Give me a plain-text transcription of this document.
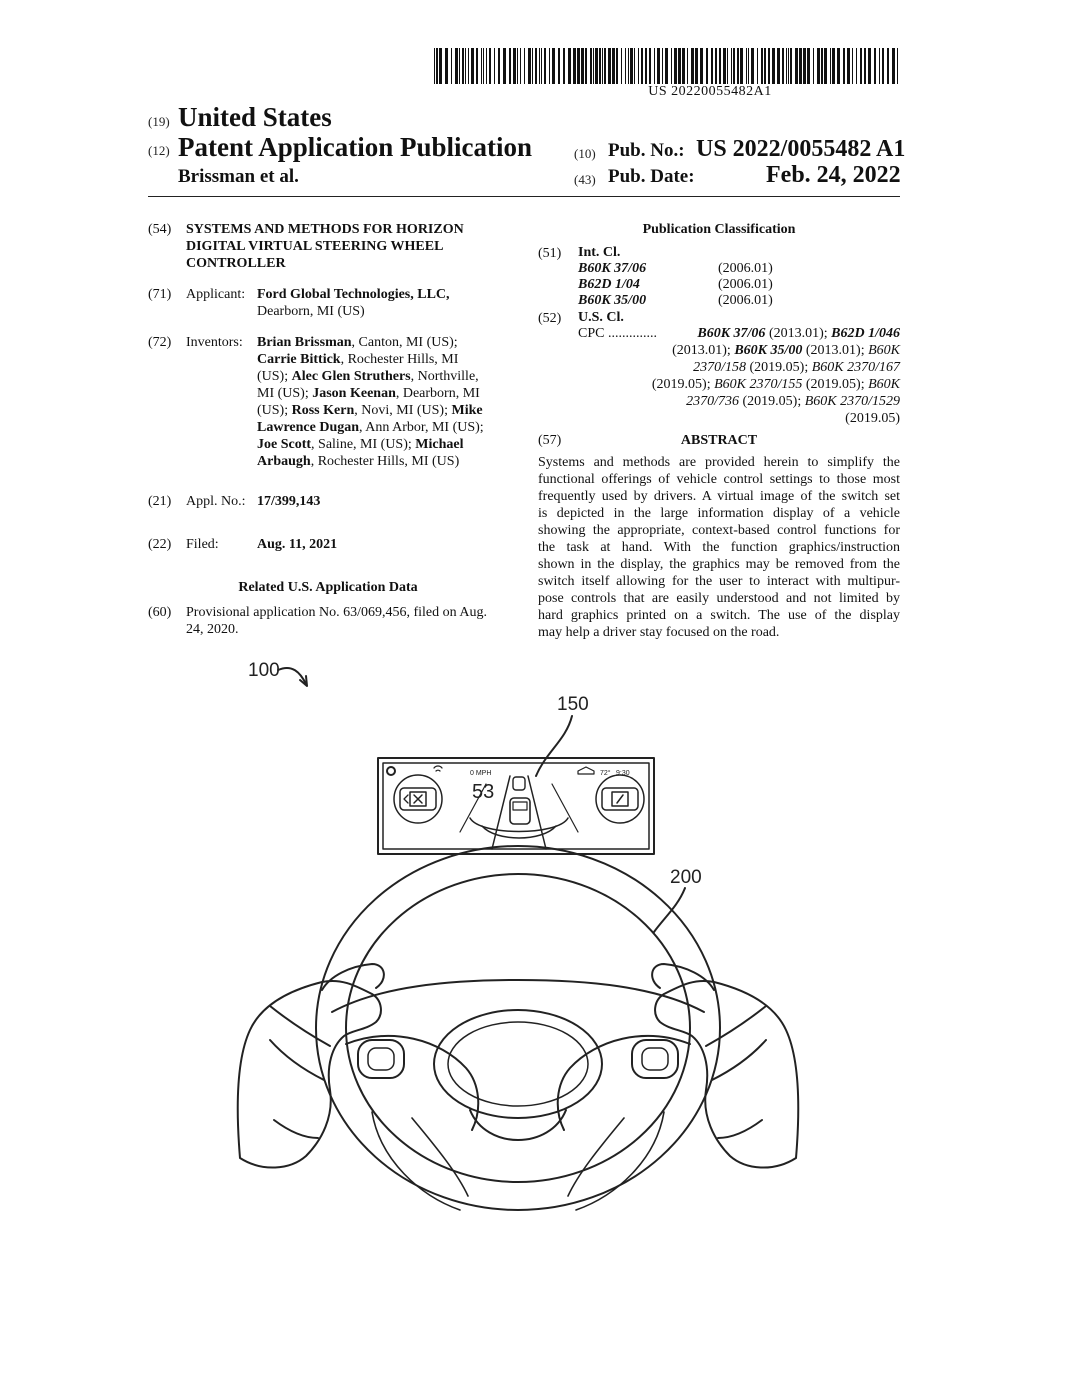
US 20220055482A1
(19) United States
(12) Patent Application Publication	(10) Pub. No.: US 2022/0055482 A1
Brissman et al.	(43) Pub. Date:	Feb. 24, 2022
(54) SYSTEMS AND METHODS FOR HORIZON
DIGITAL VIRTUAL STEERING WHEEL
CONTROLLER
(71) Applicant: Ford Global Technologies, LLC,
Dearborn, MI (US)
(72) Inventors: Brian Brissman, Canton, MI (US);
Carrie Bittick, Rochester Hills, MI
(US); Alec Glen Struthers, Northville,
MI (US); Jason Keenan, Dearborn, MI
(US); Ross Kern, Novi, MI (US); Mike
Lawrence Dugan, Ann Arbor, MI (US);
Joe Scott, Saline, MI (US); Michael
Arbaugh, Rochester Hills, MI (US)
(21) Appl. No.: 17/399,143
(22) Filed:	Aug. 11, 2021
Related U.S. Application Data
(60) Provisional application No. 63/069,456, filed on Aug.
24, 2020.
Publication Classification
(51) Int. Cl.
B60K 37/06	(2006.01)
B62D 1/04	(2006.01)
B60K 35/00	(2006.01)
(52) U.S. Cl.
CPC ..............	B60K 37/06 (2013.01); B62D 1/046
(2013.01); B60K 35/00 (2013.01); B60K
2370/158 (2019.05); B60K 2370/167
(2019.05); B60K 2370/155 (2019.05); B60K
2370/736 (2019.05); B60K 2370/1529
(2019.05)
(57)	ABSTRACT
Systems and methods are provided herein to simplify the
functional offerings of vehicle control settings to those most
frequently used by drivers. A virtual image of the switch set
is depicted in the large information display of a vehicle
showing the appropriate, context-based control functions for
the task at hand. With the function graphics/instruction
shown in the display, the graphics may be removed from the
switch itself allowing for the user to interact with multipur-
pose controls that are easily understood and not limited by
hard graphics printed on a switch. The use of the display
may help a driver stay focused on the road.
100
150
0 MPH	72° 9:30
53
200
